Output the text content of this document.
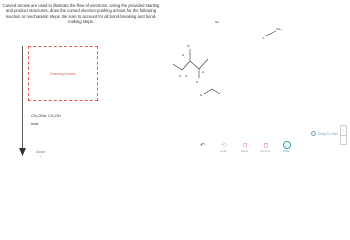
Curved arrows are used to illustrate the flow of electrons. Using the provided starting and product structures, draw the curved electron-pushing arrows for the following reaction or mechanistic steps. Be sure to account for all bond-breaking and bond-making steps.
Drawing Arrows
CH₃ONa, CH₃OH
heat
Zoom
⌄
Br
H
H H
H
H
Na
O
CH₃
H
↶
Undo	Reset	Remove
✓
Done
?	Drag To Pan
+
−
